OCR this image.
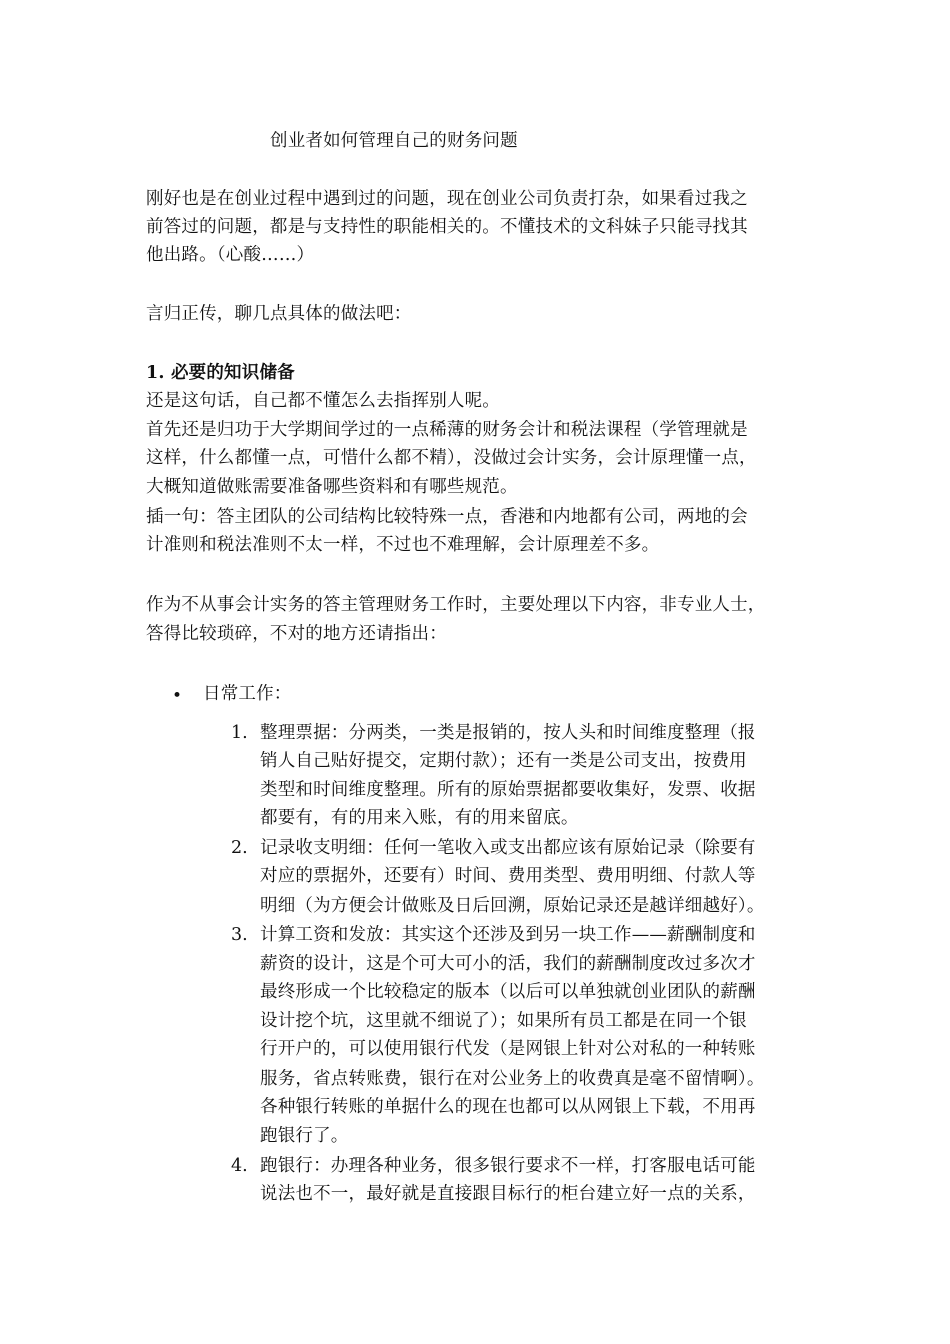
创业者如何管理自己的财务问题
刚好也是在创业过程中遇到过的问题，现在创业公司负责打杂，如果看过我之
前答过的问题，都是与支持性的职能相关的。不懂技术的文科妹子只能寻找其
他出路。（心酸……）
言归正传，聊几点具体的做法吧：
1. 必要的知识储备
还是这句话，自己都不懂怎么去指挥别人呢。
首先还是归功于大学期间学过的一点稀薄的财务会计和税法课程（学管理就是
这样，什么都懂一点，可惜什么都不精），没做过会计实务，会计原理懂一点，
大概知道做账需要准备哪些资料和有哪些规范。
插一句：答主团队的公司结构比较特殊一点，香港和内地都有公司，两地的会
计准则和税法准则不太一样，不过也不难理解，会计原理差不多。
作为不从事会计实务的答主管理财务工作时，主要处理以下内容，非专业人士，
答得比较琐碎，不对的地方还请指出：
• 日常工作：
1. 整理票据：分两类，一类是报销的，按人头和时间维度整理（报
销人自己贴好提交，定期付款）；还有一类是公司支出，按费用
类型和时间维度整理。所有的原始票据都要收集好，发票、收据
都要有，有的用来入账，有的用来留底。
2. 记录收支明细：任何一笔收入或支出都应该有原始记录（除要有
对应的票据外，还要有）时间、费用类型、费用明细、付款人等
明细（为方便会计做账及日后回溯，原始记录还是越详细越好）。
3. 计算工资和发放：其实这个还涉及到另一块工作——薪酬制度和
薪资的设计，这是个可大可小的活，我们的薪酬制度改过多次才
最终形成一个比较稳定的版本（以后可以单独就创业团队的薪酬
设计挖个坑，这里就不细说了）；如果所有员工都是在同一个银
行开户的，可以使用银行代发（是网银上针对公对私的一种转账
服务，省点转账费，银行在对公业务上的收费真是毫不留情啊）。
各种银行转账的单据什么的现在也都可以从网银上下载，不用再
跑银行了。
4. 跑银行：办理各种业务，很多银行要求不一样，打客服电话可能
说法也不一，最好就是直接跟目标行的柜台建立好一点的关系，
